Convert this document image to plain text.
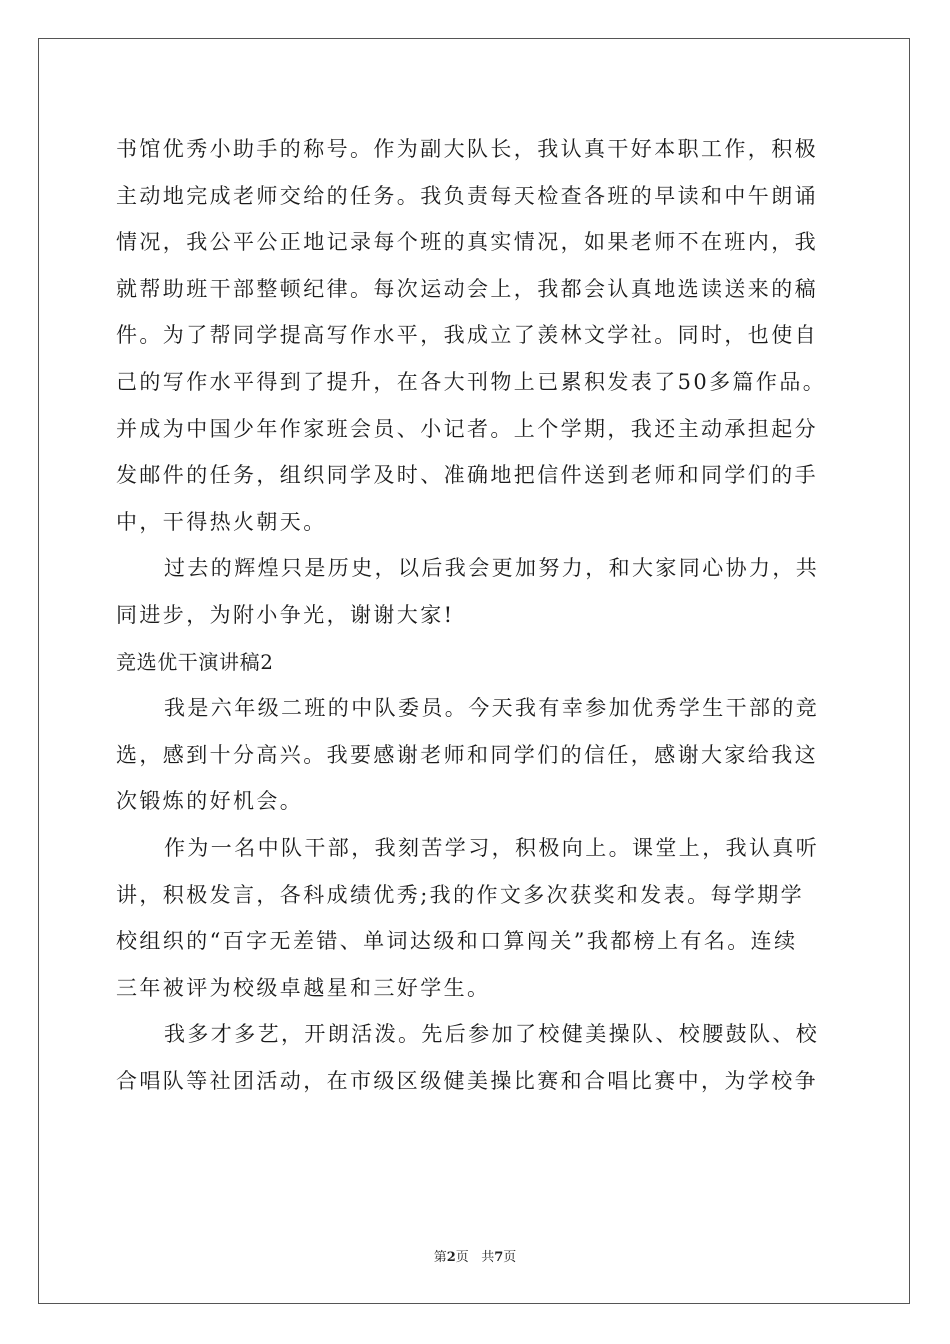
书馆优秀小助手的称号。作为副大队长，我认真干好本职工作，积极
主动地完成老师交给的任务。我负责每天检查各班的早读和中午朗诵
情况，我公平公正地记录每个班的真实情况，如果老师不在班内，我
就帮助班干部整顿纪律。每次运动会上，我都会认真地选读送来的稿
件。为了帮同学提高写作水平，我成立了羡林文学社。同时，也使自
己的写作水平得到了提升，在各大刊物上已累积发表了50多篇作品。
并成为中国少年作家班会员、小记者。上个学期，我还主动承担起分
发邮件的任务，组织同学及时、准确地把信件送到老师和同学们的手
中，干得热火朝天。
过去的辉煌只是历史，以后我会更加努力，和大家同心协力，共
同进步，为附小争光，谢谢大家!
竞选优干演讲稿2
我是六年级二班的中队委员。今天我有幸参加优秀学生干部的竞
选，感到十分高兴。我要感谢老师和同学们的信任，感谢大家给我这
次锻炼的好机会。
作为一名中队干部，我刻苦学习，积极向上。课堂上，我认真听
讲，积极发言，各科成绩优秀;我的作文多次获奖和发表。每学期学
校组织的“百字无差错、单词达级和口算闯关”我都榜上有名。连续
三年被评为校级卓越星和三好学生。
我多才多艺，开朗活泼。先后参加了校健美操队、校腰鼓队、校
合唱队等社团活动，在市级区级健美操比赛和合唱比赛中，为学校争
第2页 共7页
